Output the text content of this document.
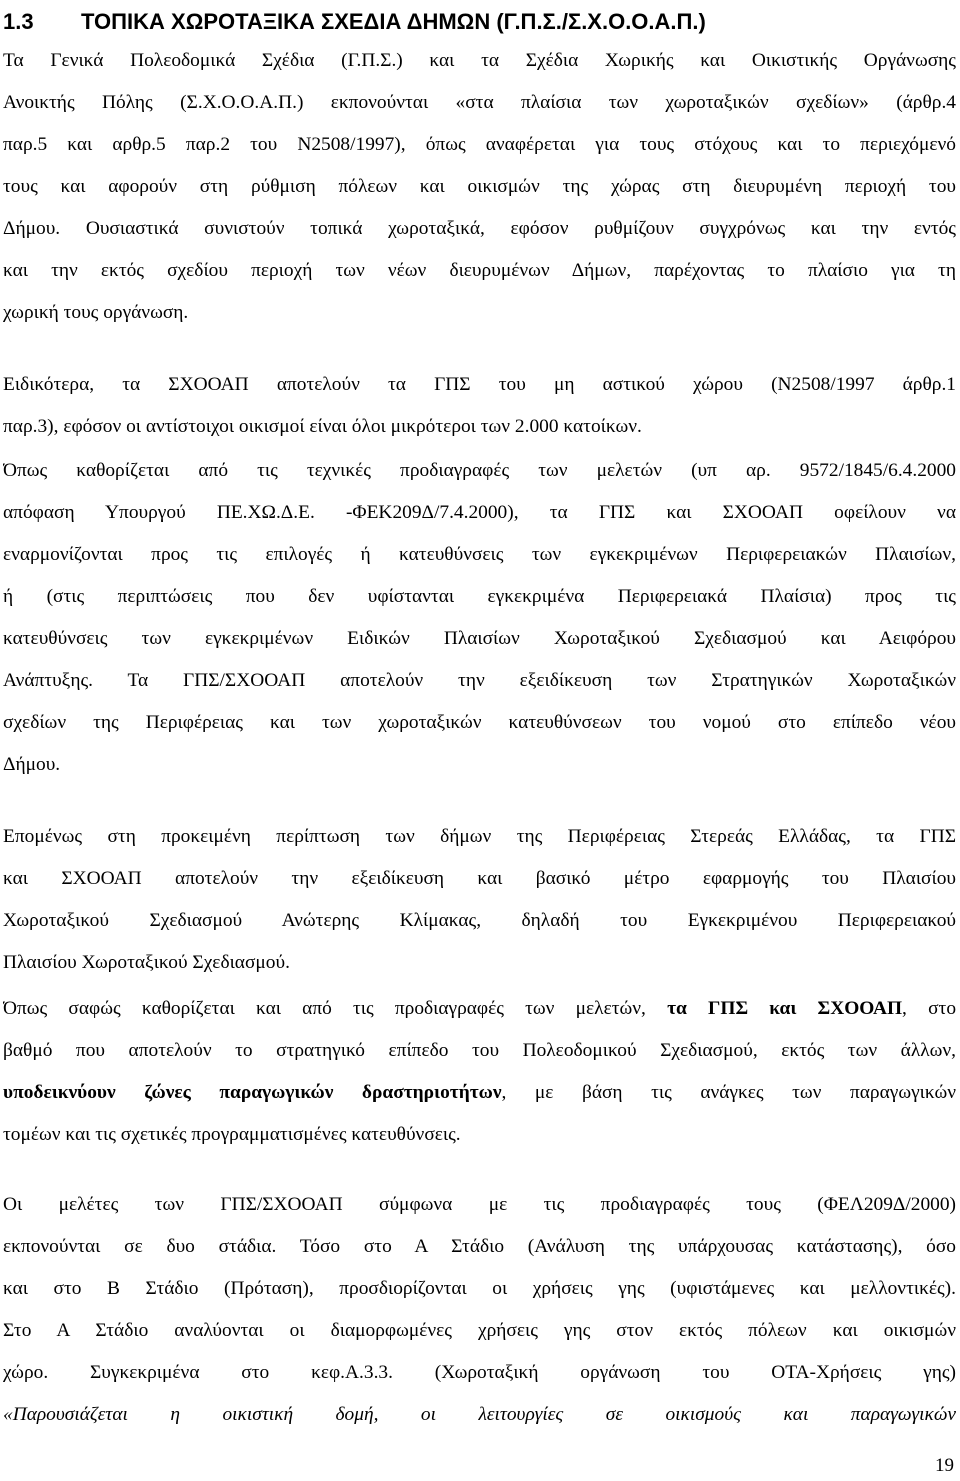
1.3 ΤΟΠΙΚΑ ΧΩΡΟΤΑΞΙΚΑ ΣΧΕΔΙΑ ΔΗΜΩΝ (Γ.Π.Σ./Σ.Χ.Ο.Ο.Α.Π.)
Τα Γενικά Πολεοδομικά Σχέδια (Γ.Π.Σ.) και τα Σχέδια Χωρικής και Οικιστικής Οργάνωσης
Ανοικτής Πόλης (Σ.Χ.Ο.Ο.Α.Π.) εκπονούνται «στα πλαίσια των χωροταξικών σχεδίων» (άρθρ.4
παρ.5 και αρθρ.5 παρ.2 του Ν2508/1997), όπως αναφέρεται για τους στόχους και το περιεχόμενό
τους και αφορούν στη ρύθμιση πόλεων και οικισμών της χώρας στη διευρυμένη περιοχή του
Δήμου. Ουσιαστικά συνιστούν τοπικά χωροταξικά, εφόσον ρυθμίζουν συγχρόνως και την εντός
και την εκτός σχεδίου περιοχή των νέων διευρυμένων Δήμων, παρέχοντας το πλαίσιο για τη
χωρική τους οργάνωση.
Ειδικότερα, τα ΣΧΟΟΑΠ αποτελούν τα ΓΠΣ του μη αστικού χώρου (Ν2508/1997 άρθρ.1
παρ.3), εφόσον οι αντίστοιχοι οικισμοί είναι όλοι μικρότεροι των 2.000 κατοίκων.
Όπως καθορίζεται από τις τεχνικές προδιαγραφές των μελετών (υπ αρ. 9572/1845/6.4.2000
απόφαση Υπουργού ΠΕ.ΧΩ.Δ.Ε. -ΦΕΚ209Δ/7.4.2000), τα ΓΠΣ και ΣΧΟΟΑΠ οφείλουν να
εναρμονίζονται προς τις επιλογές ή κατευθύνσεις των εγκεκριμένων Περιφερειακών Πλαισίων,
ή (στις περιπτώσεις που δεν υφίστανται εγκεκριμένα Περιφερειακά Πλαίσια) προς τις
κατευθύνσεις των εγκεκριμένων Ειδικών Πλαισίων Χωροταξικού Σχεδιασμού και Αειφόρου
Ανάπτυξης. Τα ΓΠΣ/ΣΧΟΟΑΠ αποτελούν την εξειδίκευση των Στρατηγικών Χωροταξικών
σχεδίων της Περιφέρειας και των χωροταξικών κατευθύνσεων του νομού στο επίπεδο νέου
Δήμου.
Επομένως στη προκειμένη περίπτωση των δήμων της Περιφέρειας Στερεάς Ελλάδας, τα ΓΠΣ
και ΣΧΟΟΑΠ αποτελούν την εξειδίκευση και βασικό μέτρο εφαρμογής του Πλαισίου
Χωροταξικού Σχεδιασμού Ανώτερης Κλίμακας, δηλαδή του Εγκεκριμένου Περιφερειακού
Πλαισίου Χωροταξικού Σχεδιασμού.
Όπως σαφώς καθορίζεται και από τις προδιαγραφές των μελετών, τα ΓΠΣ και ΣΧΟΟΑΠ, στο
βαθμό που αποτελούν το στρατηγικό επίπεδο του Πολεοδομικού Σχεδιασμού, εκτός των άλλων,
υποδεικνύουν ζώνες παραγωγικών δραστηριοτήτων, με βάση τις ανάγκες των παραγωγικών
τομέων και τις σχετικές προγραμματισμένες κατευθύνσεις.
Οι μελέτες των ΓΠΣ/ΣΧΟΟΑΠ σύμφωνα με τις προδιαγραφές τους (ΦΕΛ209Δ/2000)
εκπονούνται σε δυο στάδια. Τόσο στο Α Στάδιο (Ανάλυση της υπάρχουσας κατάστασης), όσο
και στο Β Στάδιο (Πρόταση), προσδιορίζονται οι χρήσεις γης (υφιστάμενες και μελλοντικές).
Στο Α Στάδιο αναλύονται οι διαμορφωμένες χρήσεις γης στον εκτός πόλεων και οικισμών
χώρο. Συγκεκριμένα στο κεφ.Α.3.3. (Χωροταξική οργάνωση του ΟΤΑ-Χρήσεις γης)
«Παρουσιάζεται η οικιστική δομή, οι λειτουργίες σε οικισμούς και παραγωγικών
19
